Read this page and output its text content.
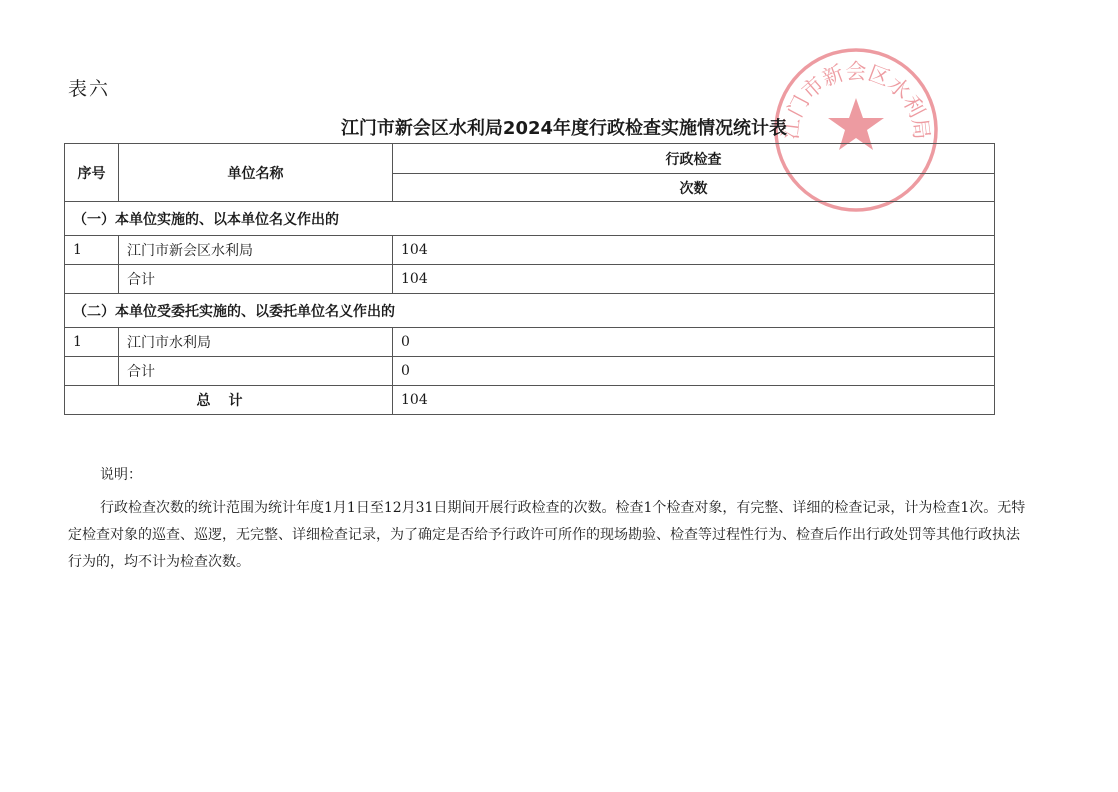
表六
江门市新会区水利局
江门市新会区水利局2024年度行政检查实施情况统计表
序号	单位名称	行政检查
		次数
（一）本单位实施的、以本单位名义作出的		
1	江门市新会区水利局	104
	合计	104
（二）本单位受委托实施的、以委托单位名义作出的		
1	江门市水利局	0
	合计	0
总计		104

说明：

行政检查次数的统计范围为统计年度1月1日至12月31日期间开展行政检查的次数。检查1个检查对象，有完整、详细的检查记录，计为检查1次。无特定检查对象的巡查、巡逻，无完整、详细检查记录，为了确定是否给予行政许可所作的现场勘验、检查等过程性行为、检查后作出行政处罚等其他行政执法行为的，均不计为检查次数。
